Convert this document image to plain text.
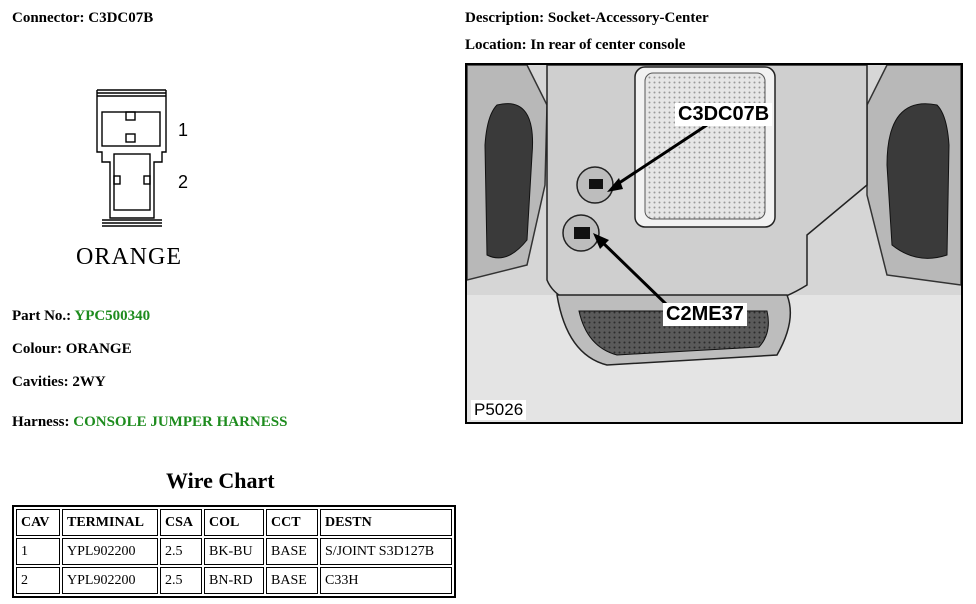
Connector: C3DC07B	Description: Socket-Accessory-Center
Location: In rear of center console
1
2
ORANGE
Part No.: YPC500340
Colour: ORANGE
Cavities: 2WY
Harness: CONSOLE JUMPER HARNESS
Wire Chart
CAV	TERMINAL	CSA	COL	CCT	DESTN
1	YPL902200	2.5	BK-BU	BASE	S/JOINT S3D127B
2	YPL902200	2.5	BN-RD	BASE	C33H
C3DC07B
C2ME37
P5026
